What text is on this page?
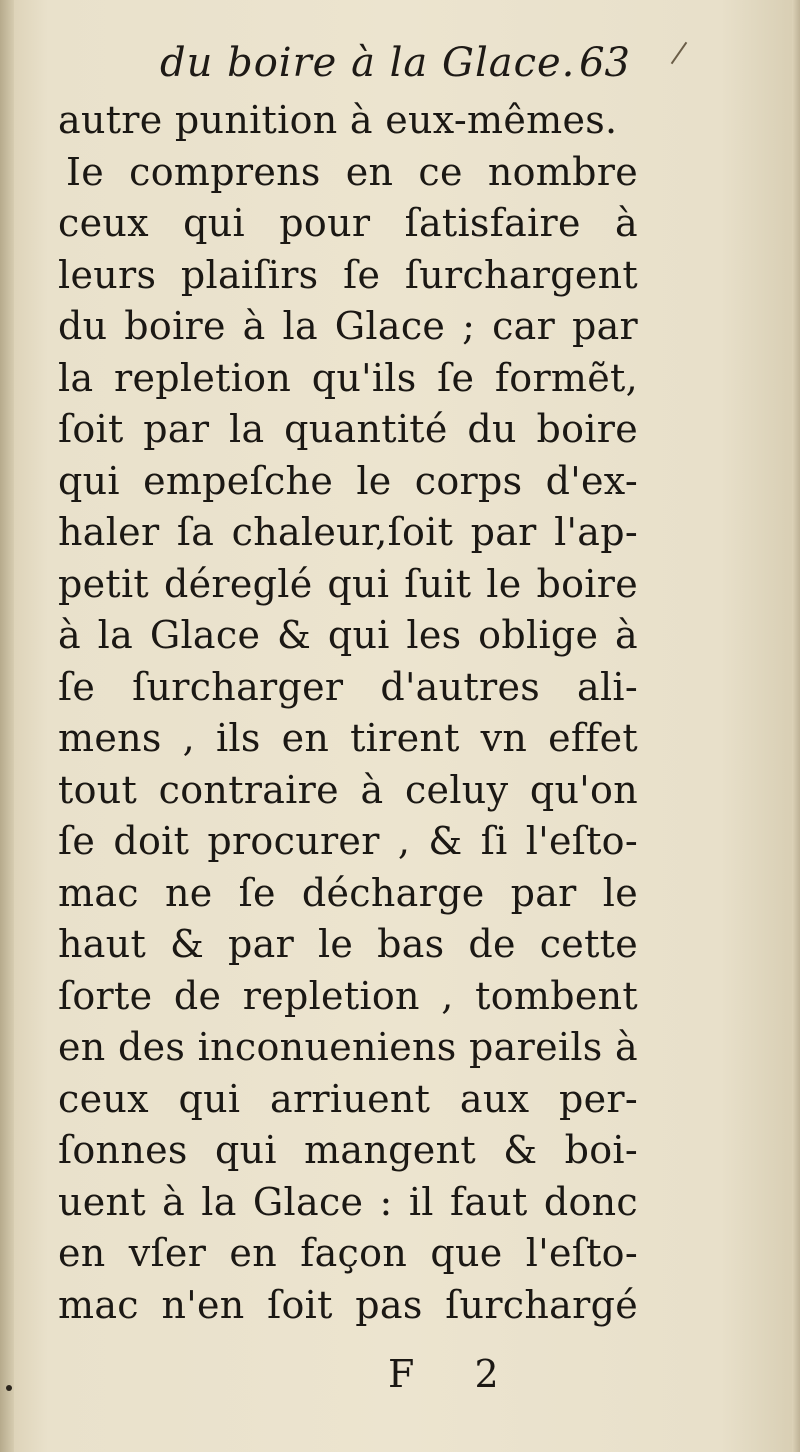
du boire à la Glace. 63
autre punition à eux-mêmes.
Ie comprens en ce nombre
ceux qui pour ſatisfaire à
leurs plaiſirs ſe ſurchargent
du boire à la Glace ; car par
la repletion qu'ils ſe formẽt,
ſoit par la quantité du boire
qui empeſche le corps d'ex-
haler ſa chaleur,ſoit par l'ap-
petit déreglé qui ſuit le boire
à la Glace & qui les oblige à
ſe ſurcharger d'autres ali-
mens , ils en tirent vn effet
tout contraire à celuy qu'on
ſe doit procurer , & ſi l'eſto-
mac ne ſe décharge par le
haut & par le bas de cette
ſorte de repletion , tombent
en des inconueniens pareils à
ceux qui arriuent aux per-
ſonnes qui mangent & boi-
uent à la Glace : il faut donc
en vſer en façon que l'eſto-
mac n'en ſoit pas ſurchargé
F 2
